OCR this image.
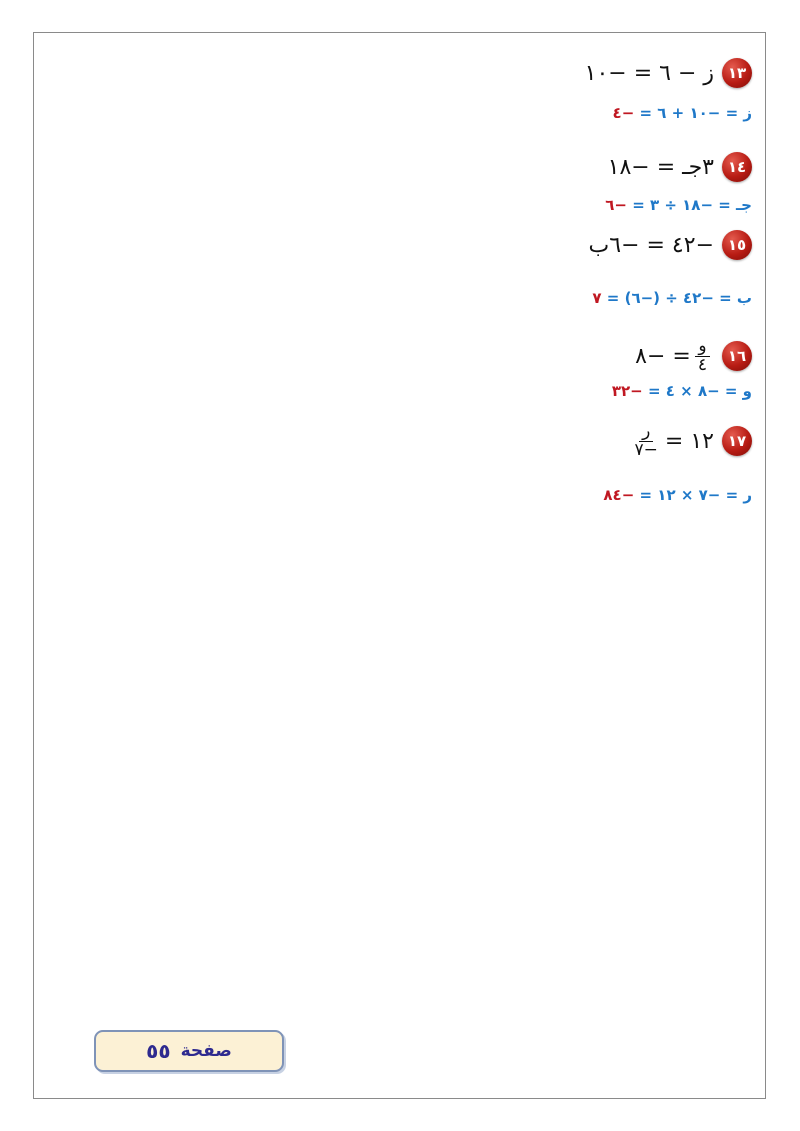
١٣
ز − ٦ = −١٠
ز = −١٠ + ٦ = −٤
١٤
٣جـ = −١٨
جـ = −١٨ ÷ ٣ = −٦
١٥
−٤٢ = −٦ب
ب = −٤٢ ÷ (−٦) = ٧
١٦
$\frac{\text{و}}{٤}$
= −٨
و = −٨ × ٤ = −٣٢
١٧
١٢ =
$\frac{\text{ر}}{-٧}$
ر = −٧ × ١٢ = −٨٤
صفحة
٥٥
